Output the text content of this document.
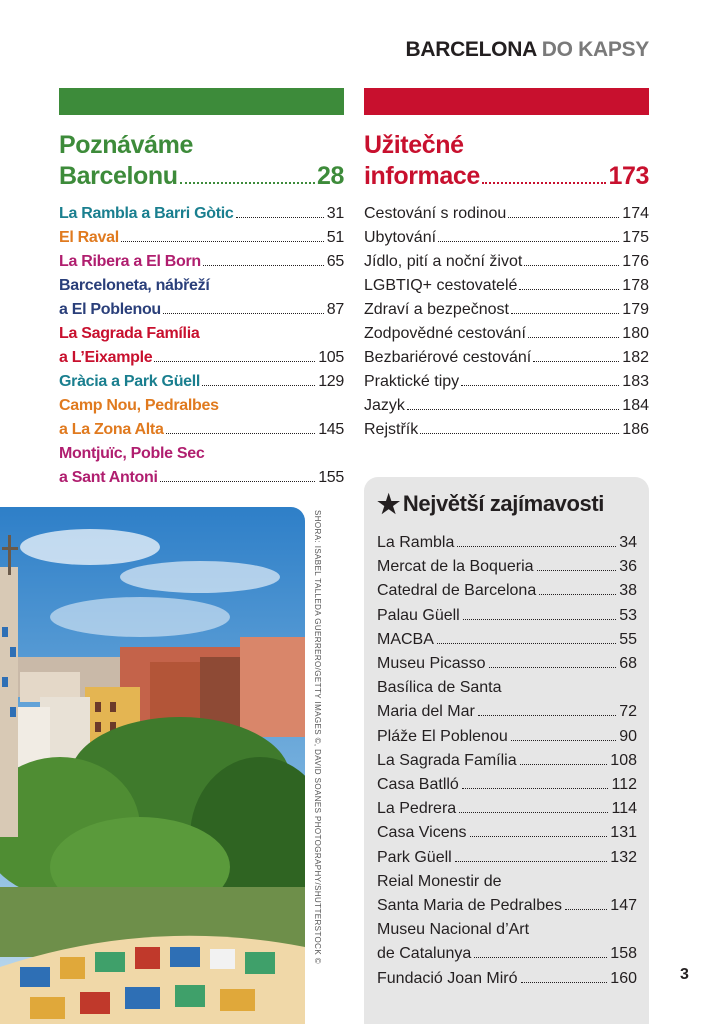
BARCELONA DO KAPSY
Poznáváme
Barcelonu	28
La Rambla a Barri Gòtic	31
El Raval	51
La Ribera a El Born	65
Barceloneta, nábřeží
a El Poblenou	87
La Sagrada Família
a L’Eixample	105
Gràcia a Park Güell	129
Camp Nou, Pedralbes
a La Zona Alta	145
Montjuïc, Poble Sec
a Sant Antoni	155
Užitečné
informace	173
Cestování s rodinou	174
Ubytování	175
Jídlo, pití a noční život	176
LGBTIQ+ cestovatelé	178
Zdraví a bezpečnost	179
Zodpovědné cestování	180
Bezbariérové cestování	182
Praktické tipy	183
Jazyk	184
Rejstřík	186
SHORA: ISABEL TALLEDA GUERRERO/GETTY IMAGES ©, DAVID SOANES PHOTOGRAPHY/SHUTTERSTOCK ©
★ Největší zajímavosti
La Rambla	34
Mercat de la Boqueria	36
Catedral de Barcelona	38
Palau Güell	53
MACBA	55
Museu Picasso	68
Basílica de Santa
Maria del Mar	72
Pláže El Poblenou	90
La Sagrada Família	108
Casa Batlló	112
La Pedrera	114
Casa Vicens	131
Park Güell	132
Reial Monestir de
Santa Maria de Pedralbes	147
Museu Nacional d’Art
de Catalunya	158
Fundació Joan Miró	160	3
